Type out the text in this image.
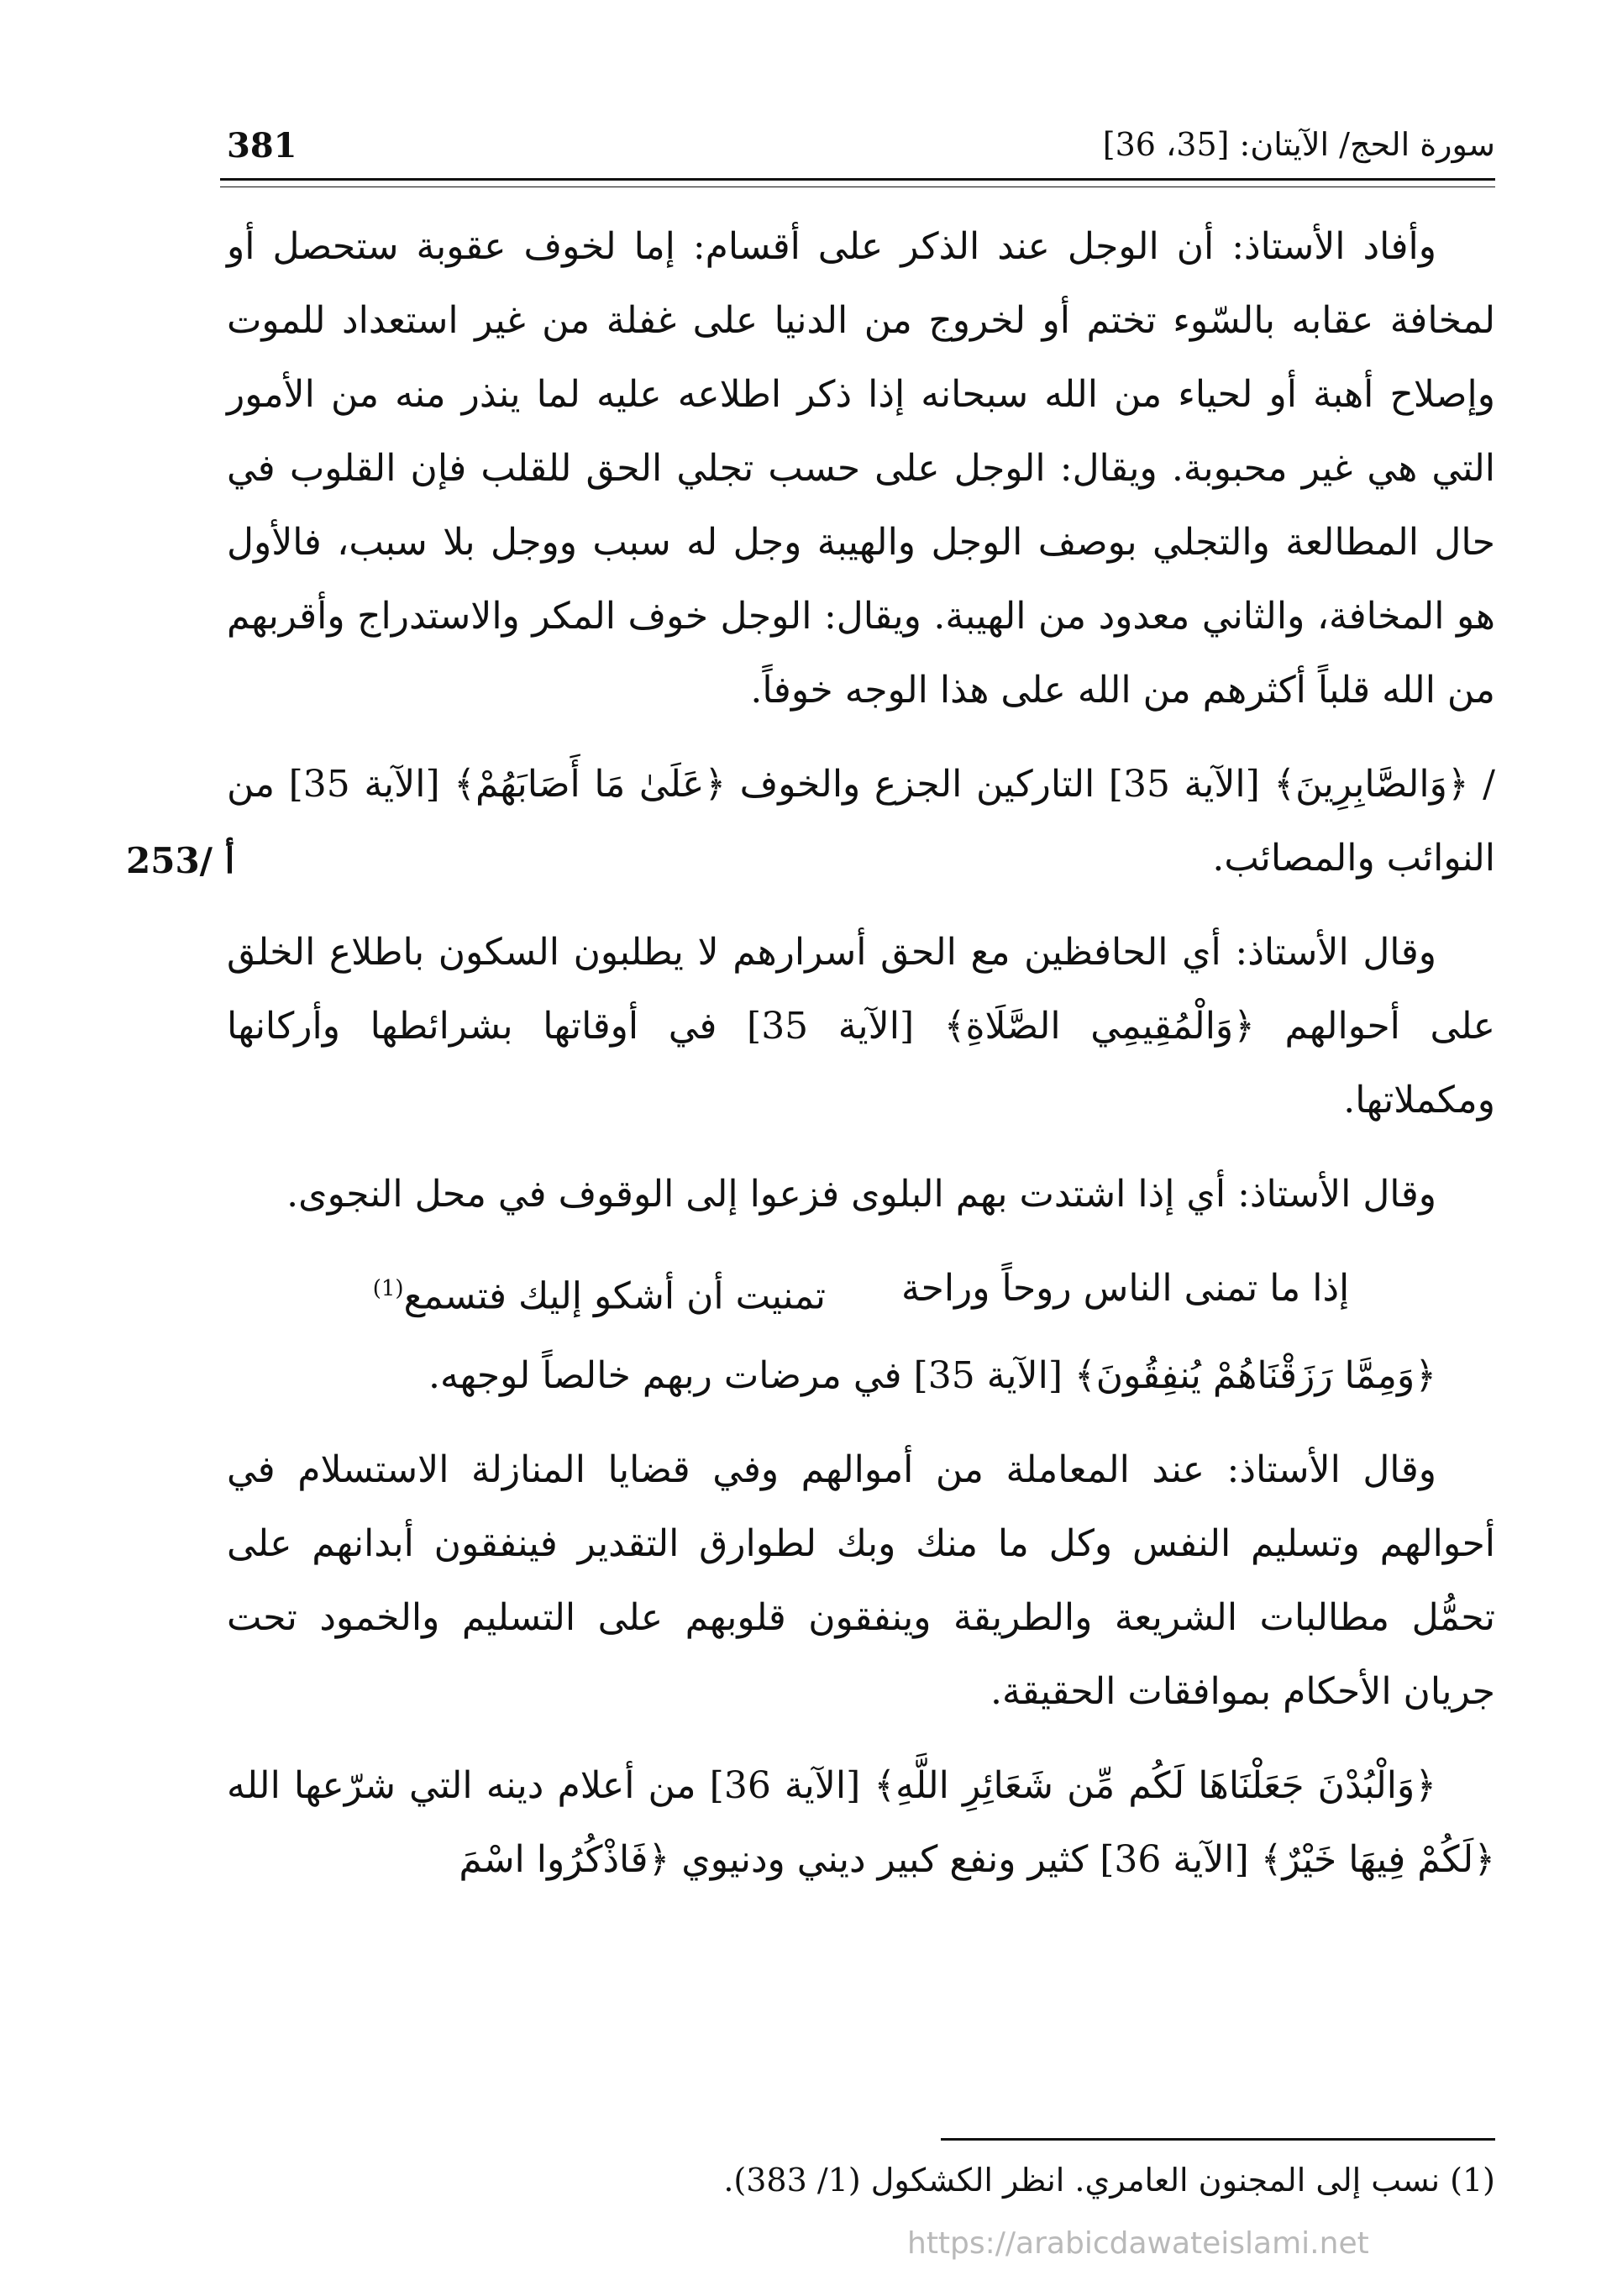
381	سورة الحج/ الآيتان: [35، 36]
253/ أ

وأفاد الأستاذ: أن الوجل عند الذكر على أقسام: إما لخوف عقوبة ستحصل أو لمخافة عقابه بالسّوء تختم أو لخروج من الدنيا على غفلة من غير استعداد للموت وإصلاح أهبة أو لحياء من الله سبحانه إذا ذكر اطلاعه عليه لما ينذر منه من الأمور التي هي غير محبوبة. ويقال: الوجل على حسب تجلي الحق للقلب فإن القلوب في حال المطالعة والتجلي بوصف الوجل والهيبة وجل له سبب ووجل بلا سبب، فالأول هو المخافة، والثاني معدود من الهيبة. ويقال: الوجل خوف المكر والاستدراج وأقربهم من الله قلباً أكثرهم من الله على هذا الوجه خوفاً.

/ ﴿وَالصَّابِرِينَ﴾ [الآية 35] التاركين الجزع والخوف ﴿عَلَىٰ مَا أَصَابَهُمْ﴾ [الآية 35] من النوائب والمصائب.

وقال الأستاذ: أي الحافظين مع الحق أسرارهم لا يطلبون السكون باطلاع الخلق على أحوالهم ﴿وَالْمُقِيمِي الصَّلَاةِ﴾ [الآية 35] في أوقاتها بشرائطها وأركانها ومكملاتها.

وقال الأستاذ: أي إذا اشتدت بهم البلوى فزعوا إلى الوقوف في محل النجوى.

إذا ما تمنى الناس روحاً وراحة
تمنيت أن أشكو إليك فتسمع$^{(1)}$

﴿وَمِمَّا رَزَقْنَاهُمْ يُنفِقُونَ﴾ [الآية 35] في مرضات ربهم خالصاً لوجهه.

وقال الأستاذ: عند المعاملة من أموالهم وفي قضايا المنازلة الاستسلام في أحوالهم وتسليم النفس وكل ما منك وبك لطوارق التقدير فينفقون أبدانهم على تحمُّل مطالبات الشريعة والطريقة وينفقون قلوبهم على التسليم والخمود تحت جريان الأحكام بموافقات الحقيقة.

﴿وَالْبُدْنَ جَعَلْنَاهَا لَكُم مِّن شَعَائِرِ اللَّهِ﴾ [الآية 36] من أعلام دينه التي شرّعها الله ﴿لَكُمْ فِيهَا خَيْرٌ﴾ [الآية 36] كثير ونفع كبير ديني ودنيوي ﴿فَاذْكُرُوا اسْمَ

(1) نسب إلى المجنون العامري. انظر الكشكول (1/ 383).
https://arabicdawateislami.net
